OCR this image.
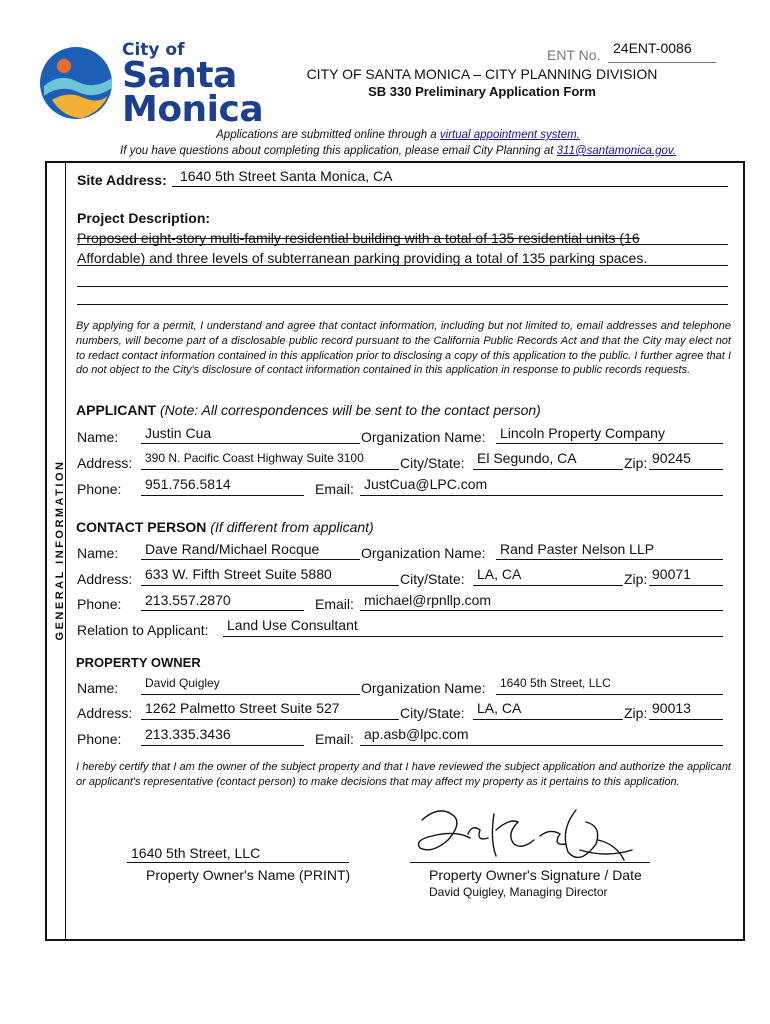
City of
Santa
Monica
ENT No. 24ENT-0086
CITY OF SANTA MONICA – CITY PLANNING DIVISION
SB 330 Preliminary Application Form
Applications are submitted online through a virtual appointment system.
If you have questions about completing this application, please email City Planning at 311@santamonica.gov.
GENERAL INFORMATION
Site Address: 1640 5th Street Santa Monica, CA
Project Description:
Proposed eight-story multi-family residential building with a total of 135 residential units (16
Affordable) and three levels of subterranean parking providing a total of 135 parking spaces.
By applying for a permit, I understand and agree that contact information, including but not limited to, email addresses and telephone numbers, will become part of a disclosable public record pursuant to the California Public Records Act and that the City may elect not to redact contact information contained in this application prior to disclosing a copy of this application to the public. I further agree that I do not object to the City's disclosure of contact information contained in this application in response to public records requests.
APPLICANT (Note: All correspondences will be sent to the contact person)
Name: Justin Cua	Organization Name: Lincoln Property Company
Address: 390 N. Pacific Coast Highway Suite 3100	City/State: El Segundo, CA	Zip: 90245
Phone: 951.756.5814	Email: JustCua@LPC.com
CONTACT PERSON (If different from applicant)
Name: Dave Rand/Michael Rocque	Organization Name: Rand Paster Nelson LLP
Address: 633 W. Fifth Street Suite 5880	City/State: LA, CA	Zip: 90071
Phone: 213.557.2870	Email: michael@rpnllp.com
Relation to Applicant: Land Use Consultant
PROPERTY OWNER
Name: David Quigley	Organization Name: 1640 5th Street, LLC
Address: 1262 Palmetto Street Suite 527	City/State: LA, CA	Zip: 90013
Phone: 213.335.3436	Email: ap.asb@lpc.com
I hereby certify that I am the owner of the subject property and that I have reviewed the subject application and authorize the applicant or applicant's representative (contact person) to make decisions that may affect my property as it pertains to this application.
1640 5th Street, LLC
Property Owner's Name (PRINT)	Property Owner's Signature / Date
David Quigley, Managing Director
